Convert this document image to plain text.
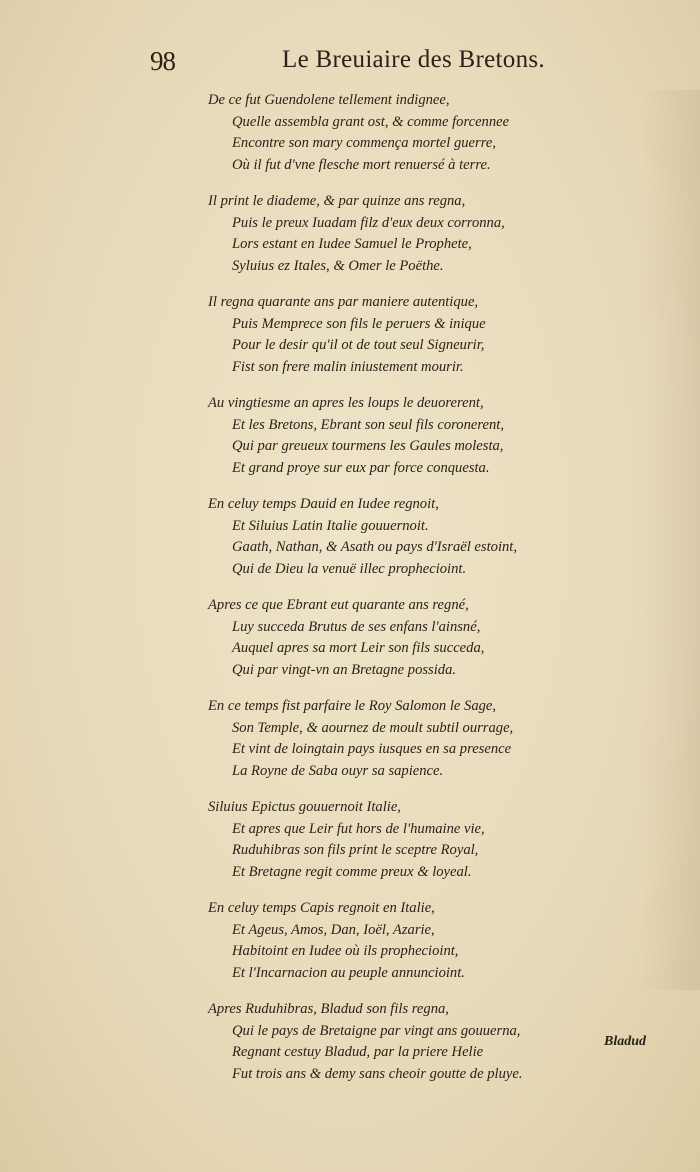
98	Le Breuiaire des Bretons.
De ce fut Guendolene tellement indignee,
Quelle assembla grant ost, & comme forcennee
Encontre son mary commença mortel guerre,
Où il fut d'vne flesche mort renuersé à terre.
Il print le diademe, & par quinze ans regna,
Puis le preux Iuadam filz d'eux deux corronna,
Lors estant en Iudee Samuel le Prophete,
Syluius ez Itales, & Omer le Poëthe.
Il regna quarante ans par maniere autentique,
Puis Memprece son fils le peruers & inique
Pour le desir qu'il ot de tout seul Signeurir,
Fist son frere malin iniustement mourir.
Au vingtiesme an apres les loups le deuorerent,
Et les Bretons, Ebrant son seul fils coronerent,
Qui par greueux tourmens les Gaules molesta,
Et grand proye sur eux par force conquesta.
En celuy temps Dauid en Iudee regnoit,
Et Siluius Latin Italie gouuernoit.
Gaath, Nathan, & Asath ou pays d'Israël estoint,
Qui de Dieu la venuë illec prophecioint.
Apres ce que Ebrant eut quarante ans regné,
Luy succeda Brutus de ses enfans l'ainsné,
Auquel apres sa mort Leir son fils succeda,
Qui par vingt-vn an Bretagne possida.
En ce temps fist parfaire le Roy Salomon le Sage,
Son Temple, & aournez de moult subtil ourrage,
Et vint de loingtain pays iusques en sa presence
La Royne de Saba ouyr sa sapience.
Siluius Epictus gouuernoit Italie,
Et apres que Leir fut hors de l'humaine vie,
Ruduhibras son fils print le sceptre Royal,
Et Bretagne regit comme preux & loyeal.
En celuy temps Capis regnoit en Italie,
Et Ageus, Amos, Dan, Ioël, Azarie,
Habitoint en Iudee où ils prophecioint,
Et l'Incarnacion au peuple annuncioint.
Apres Ruduhibras, Bladud son fils regna,
Qui le pays de Bretaigne par vingt ans gouuerna,
Regnant cestuy Bladud, par la priere Helie
Fut trois ans & demy sans cheoir goutte de pluye.
Bladud
